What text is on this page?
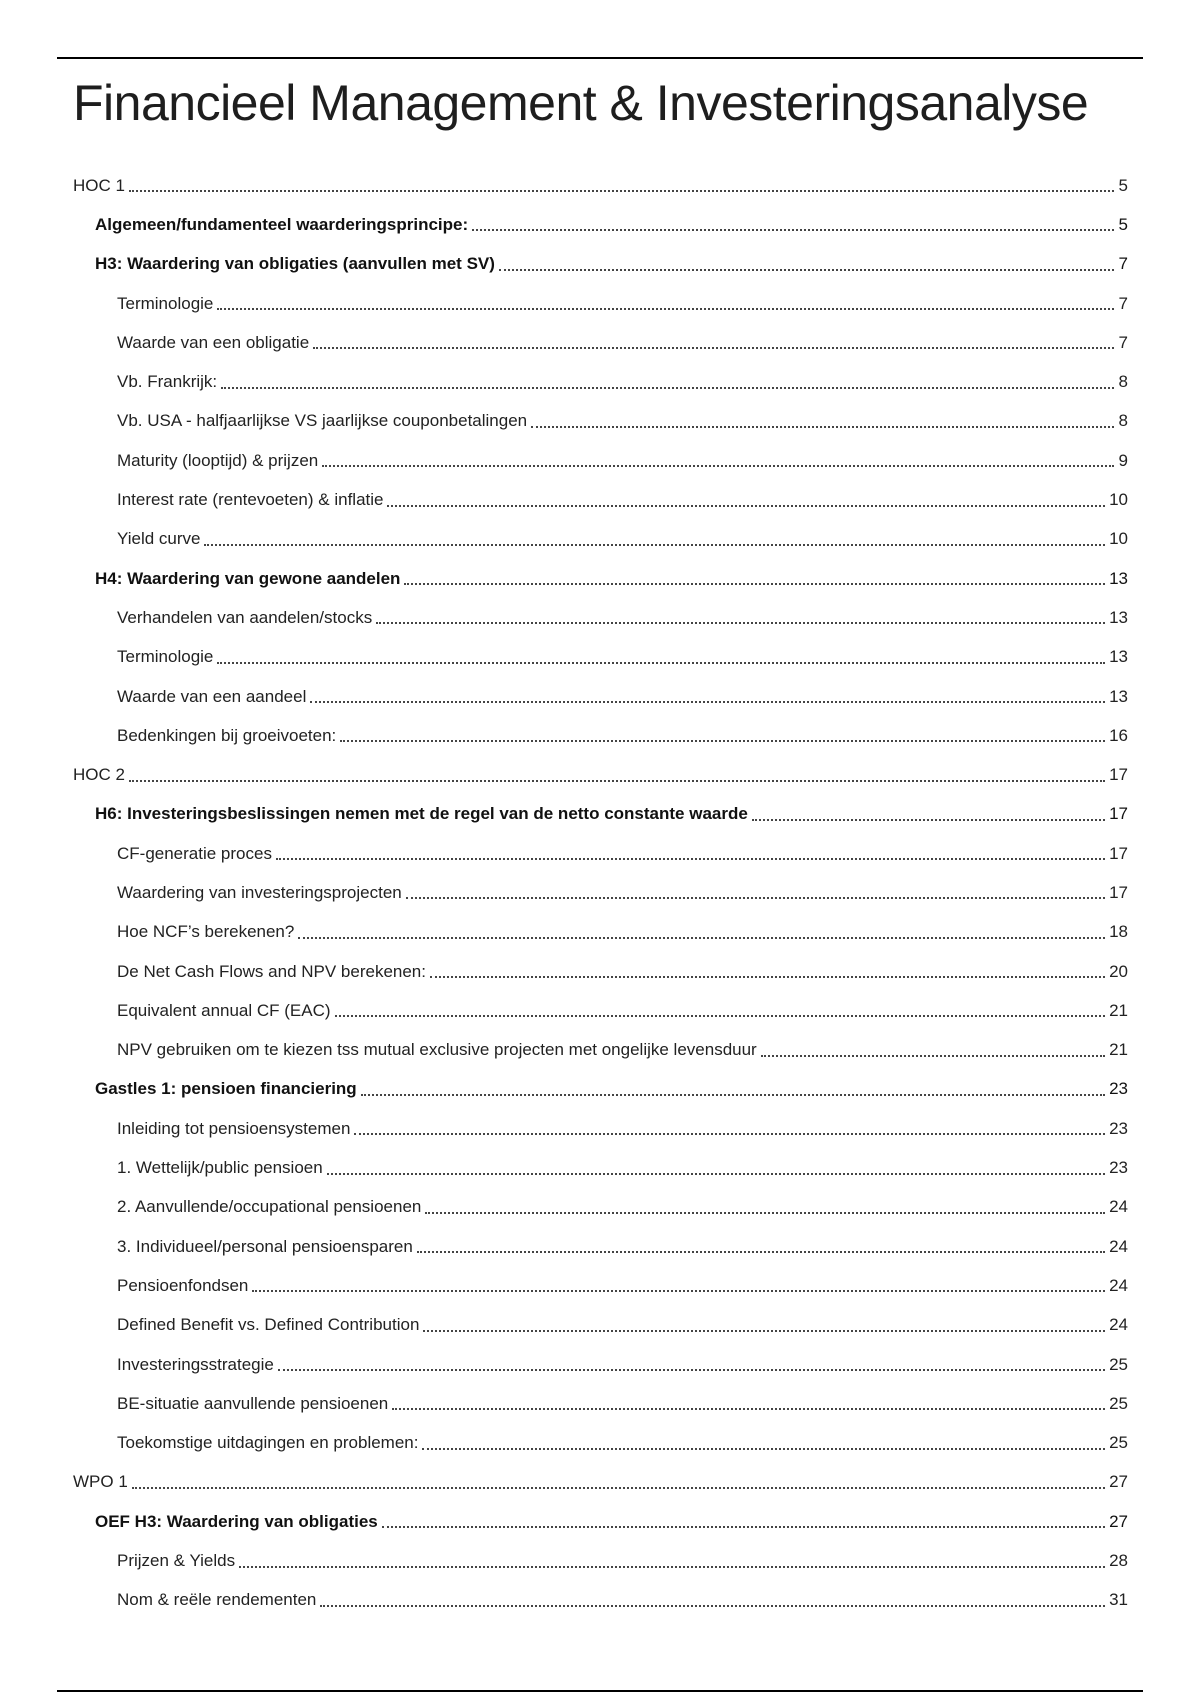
Financieel Management & Investeringsanalyse
HOC 1	5
Algemeen/fundamenteel waarderingsprincipe:	5
H3: Waardering van obligaties (aanvullen met SV)	7
Terminologie	7
Waarde van een obligatie	7
Vb. Frankrijk:	8
Vb. USA - halfjaarlijkse VS jaarlijkse couponbetalingen	8
Maturity (looptijd) & prijzen	9
Interest rate (rentevoeten) & inflatie	10
Yield curve	10
H4: Waardering van gewone aandelen	13
Verhandelen van aandelen/stocks	13
Terminologie	13
Waarde van een aandeel	13
Bedenkingen bij groeivoeten:	16
HOC 2	17
H6: Investeringsbeslissingen nemen met de regel van de netto constante waarde	17
CF-generatie proces	17
Waardering van investeringsprojecten	17
Hoe NCF’s berekenen?	18
De Net Cash Flows and NPV berekenen:	20
Equivalent annual CF (EAC)	21
NPV gebruiken om te kiezen tss mutual exclusive projecten met ongelijke levensduur	21
Gastles 1: pensioen financiering	23
Inleiding tot pensioensystemen	23
1. Wettelijk/public pensioen	23
2. Aanvullende/occupational pensioenen	24
3. Individueel/personal pensioensparen	24
Pensioenfondsen	24
Defined Benefit vs. Defined Contribution	24
Investeringsstrategie	25
BE-situatie aanvullende pensioenen	25
Toekomstige uitdagingen en problemen:	25
WPO 1	27
OEF H3: Waardering van obligaties	27
Prijzen & Yields	28
Nom & reële rendementen	31
